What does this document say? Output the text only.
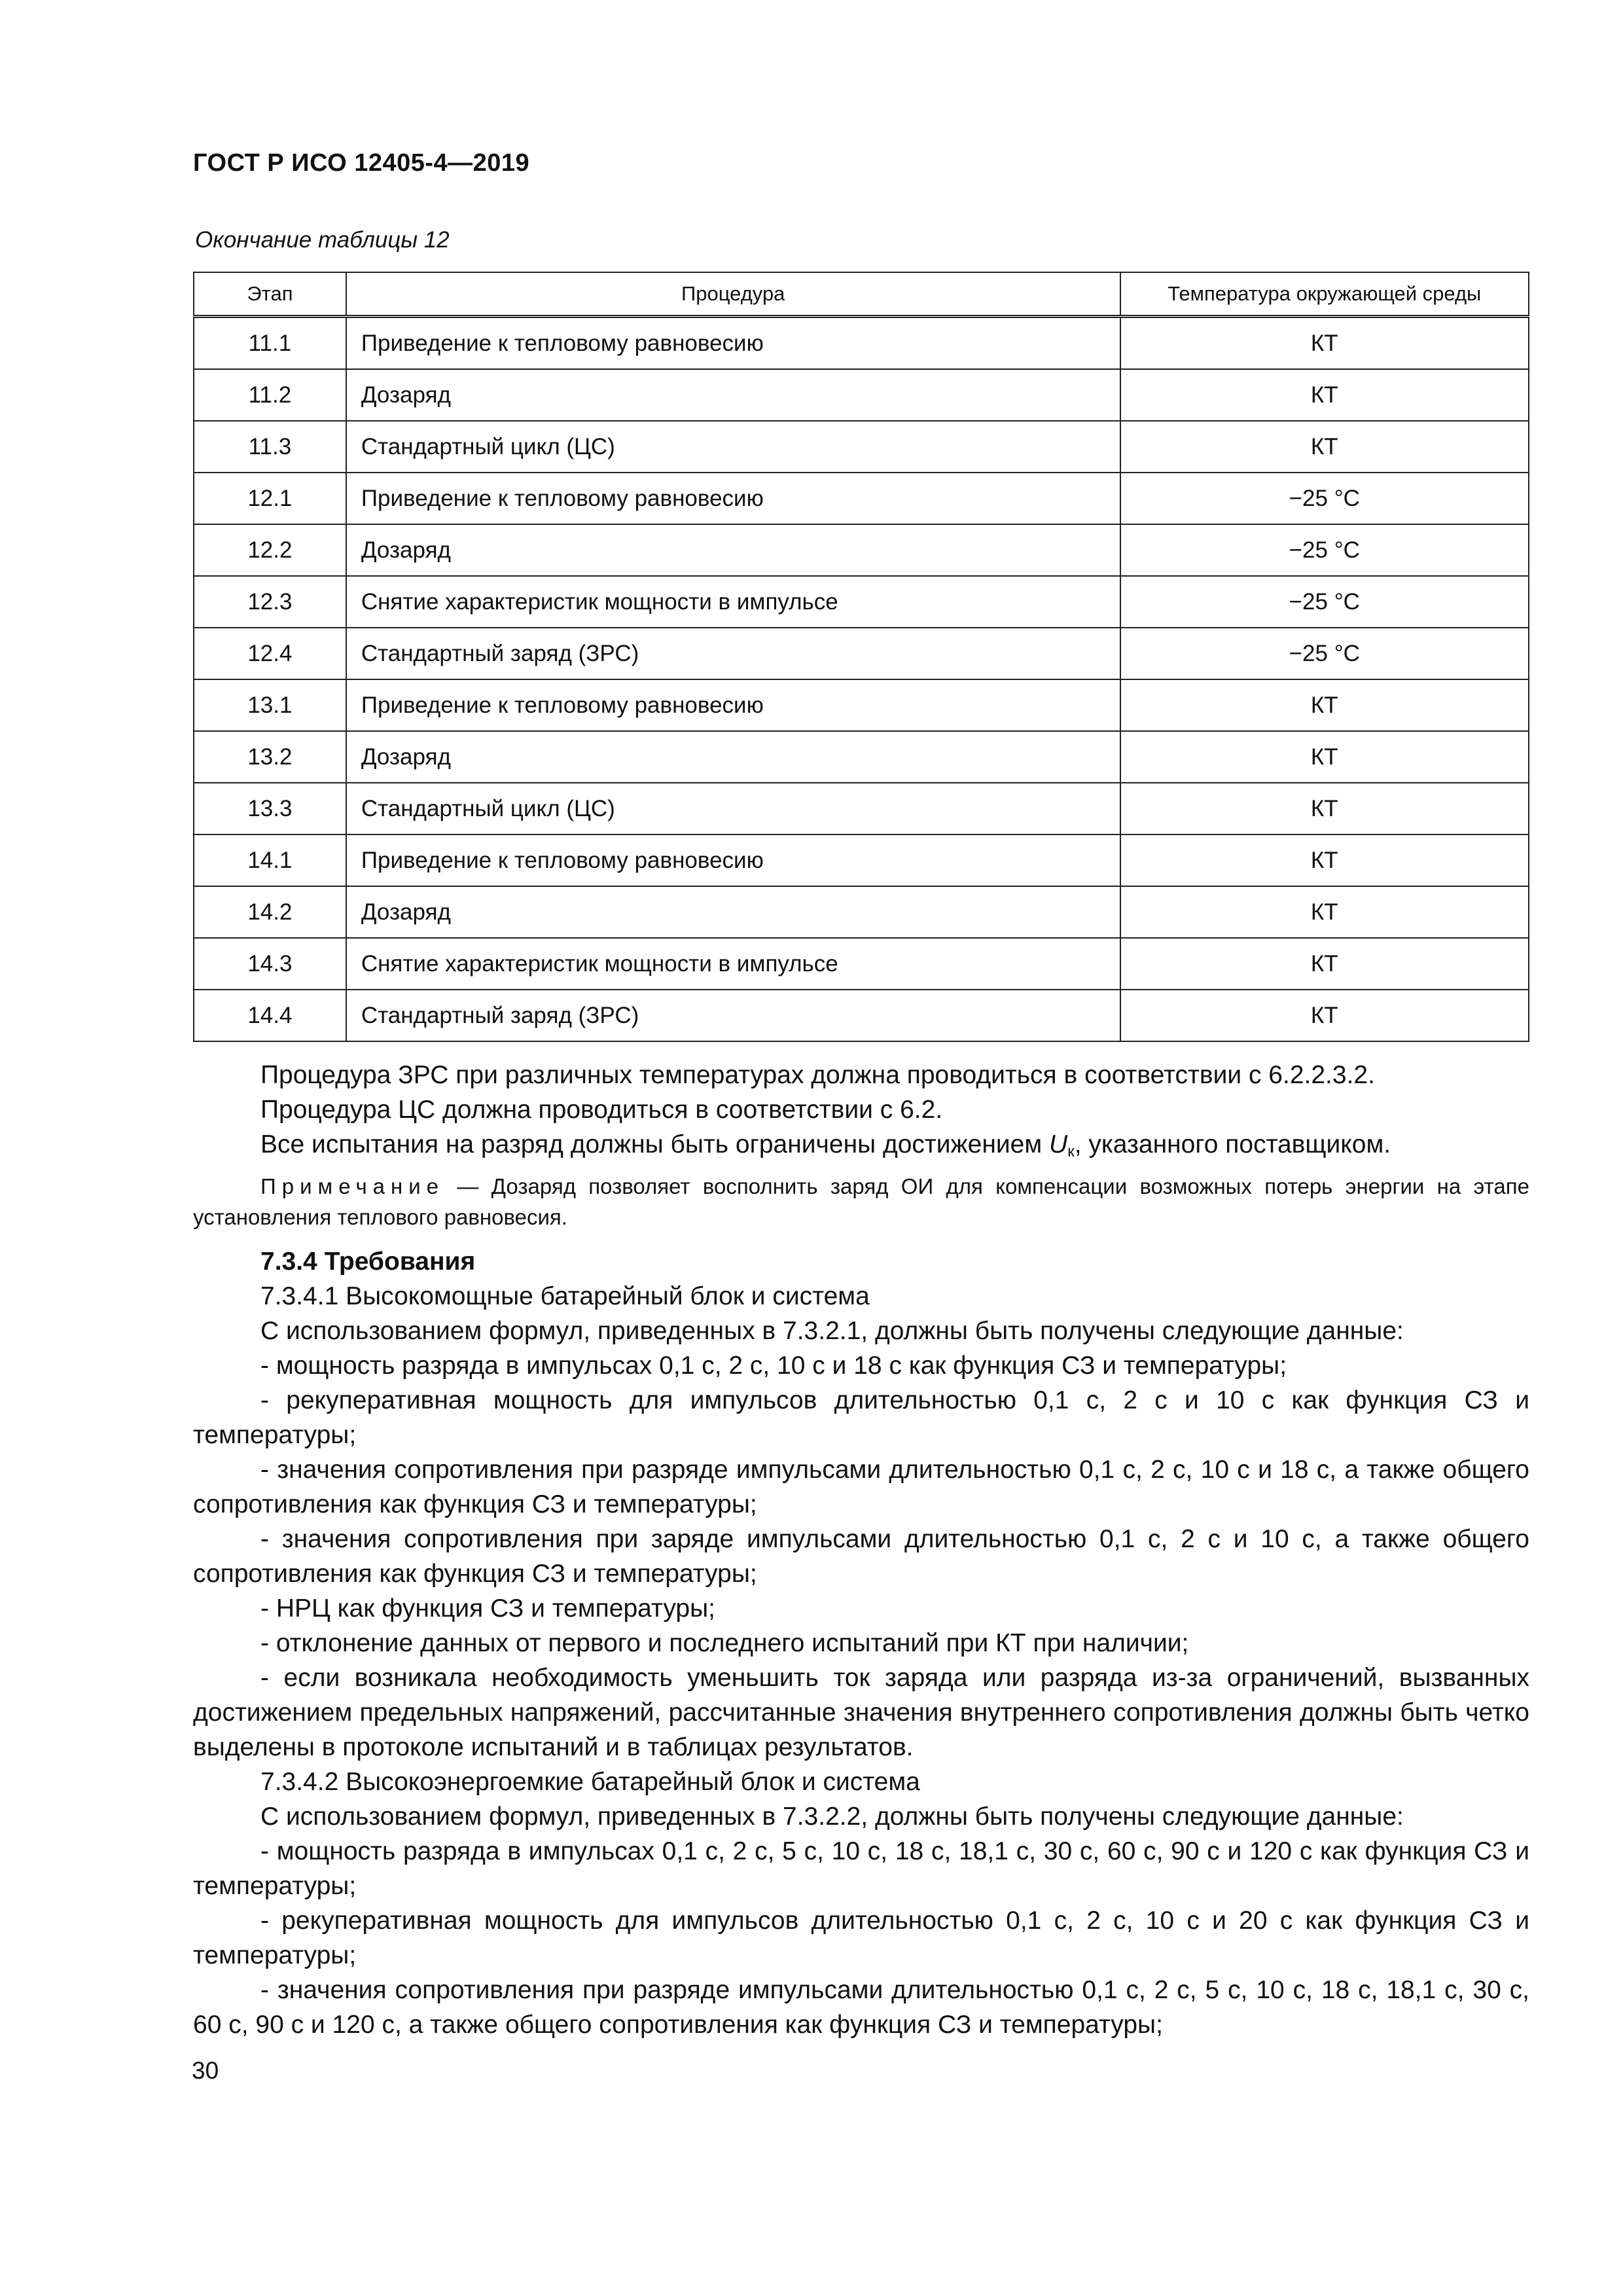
ГОСТ Р ИСО 12405-4—2019
Окончание таблицы 12
Этап	Процедура	Температура окружающей среды
11.1	Приведение к тепловому равновесию	КТ
11.2	Дозаряд	КТ
11.3	Стандартный цикл (ЦС)	КТ
12.1	Приведение к тепловому равновесию	−25 °C
12.2	Дозаряд	−25 °C
12.3	Снятие характеристик мощности в импульсе	−25 °C
12.4	Стандартный заряд (ЗРС)	−25 °C
13.1	Приведение к тепловому равновесию	КТ
13.2	Дозаряд	КТ
13.3	Стандартный цикл (ЦС)	КТ
14.1	Приведение к тепловому равновесию	КТ
14.2	Дозаряд	КТ
14.3	Снятие характеристик мощности в импульсе	КТ
14.4	Стандартный заряд (ЗРС)	КТ

Процедура ЗРС при различных температурах должна проводиться в соответствии с 6.2.2.3.2.

Процедура ЦС должна проводиться в соответствии с 6.2.

Все испытания на разряд должны быть ограничены достижением $U_к$, указанного поставщиком.

Примечание — Дозаряд позволяет восполнить заряд ОИ для компенсации возможных потерь энергии на этапе установления теплового равновесия.

7.3.4 Требования

7.3.4.1 Высокомощные батарейный блок и система

С использованием формул, приведенных в 7.3.2.1, должны быть получены следующие данные:

- мощность разряда в импульсах 0,1 с, 2 с, 10 с и 18 с как функция СЗ и температуры;

- рекуперативная мощность для импульсов длительностью 0,1 с, 2 с и 10 с как функция СЗ и температуры;

- значения сопротивления при разряде импульсами длительностью 0,1 с, 2 с, 10 с и 18 с, а также общего сопротивления как функция СЗ и температуры;

- значения сопротивления при заряде импульсами длительностью 0,1 с, 2 с и 10 с, а также общего сопротивления как функция СЗ и температуры;

- НРЦ как функция СЗ и температуры;

- отклонение данных от первого и последнего испытаний при КТ при наличии;

- если возникала необходимость уменьшить ток заряда или разряда из-за ограничений, вызванных достижением предельных напряжений, рассчитанные значения внутреннего сопротивления должны быть четко выделены в протоколе испытаний и в таблицах результатов.

7.3.4.2 Высокоэнергоемкие батарейный блок и система

С использованием формул, приведенных в 7.3.2.2, должны быть получены следующие данные:

- мощность разряда в импульсах 0,1 с, 2 с, 5 с, 10 с, 18 с, 18,1 с, 30 с, 60 с, 90 с и 120 с как функция СЗ и температуры;

- рекуперативная мощность для импульсов длительностью 0,1 с, 2 с, 10 с и 20 с как функция СЗ и температуры;

- значения сопротивления при разряде импульсами длительностью 0,1 с, 2 с, 5 с, 10 с, 18 с, 18,1 с, 30 с, 60 с, 90 с и 120 с, а также общего сопротивления как функция СЗ и температуры;

30
